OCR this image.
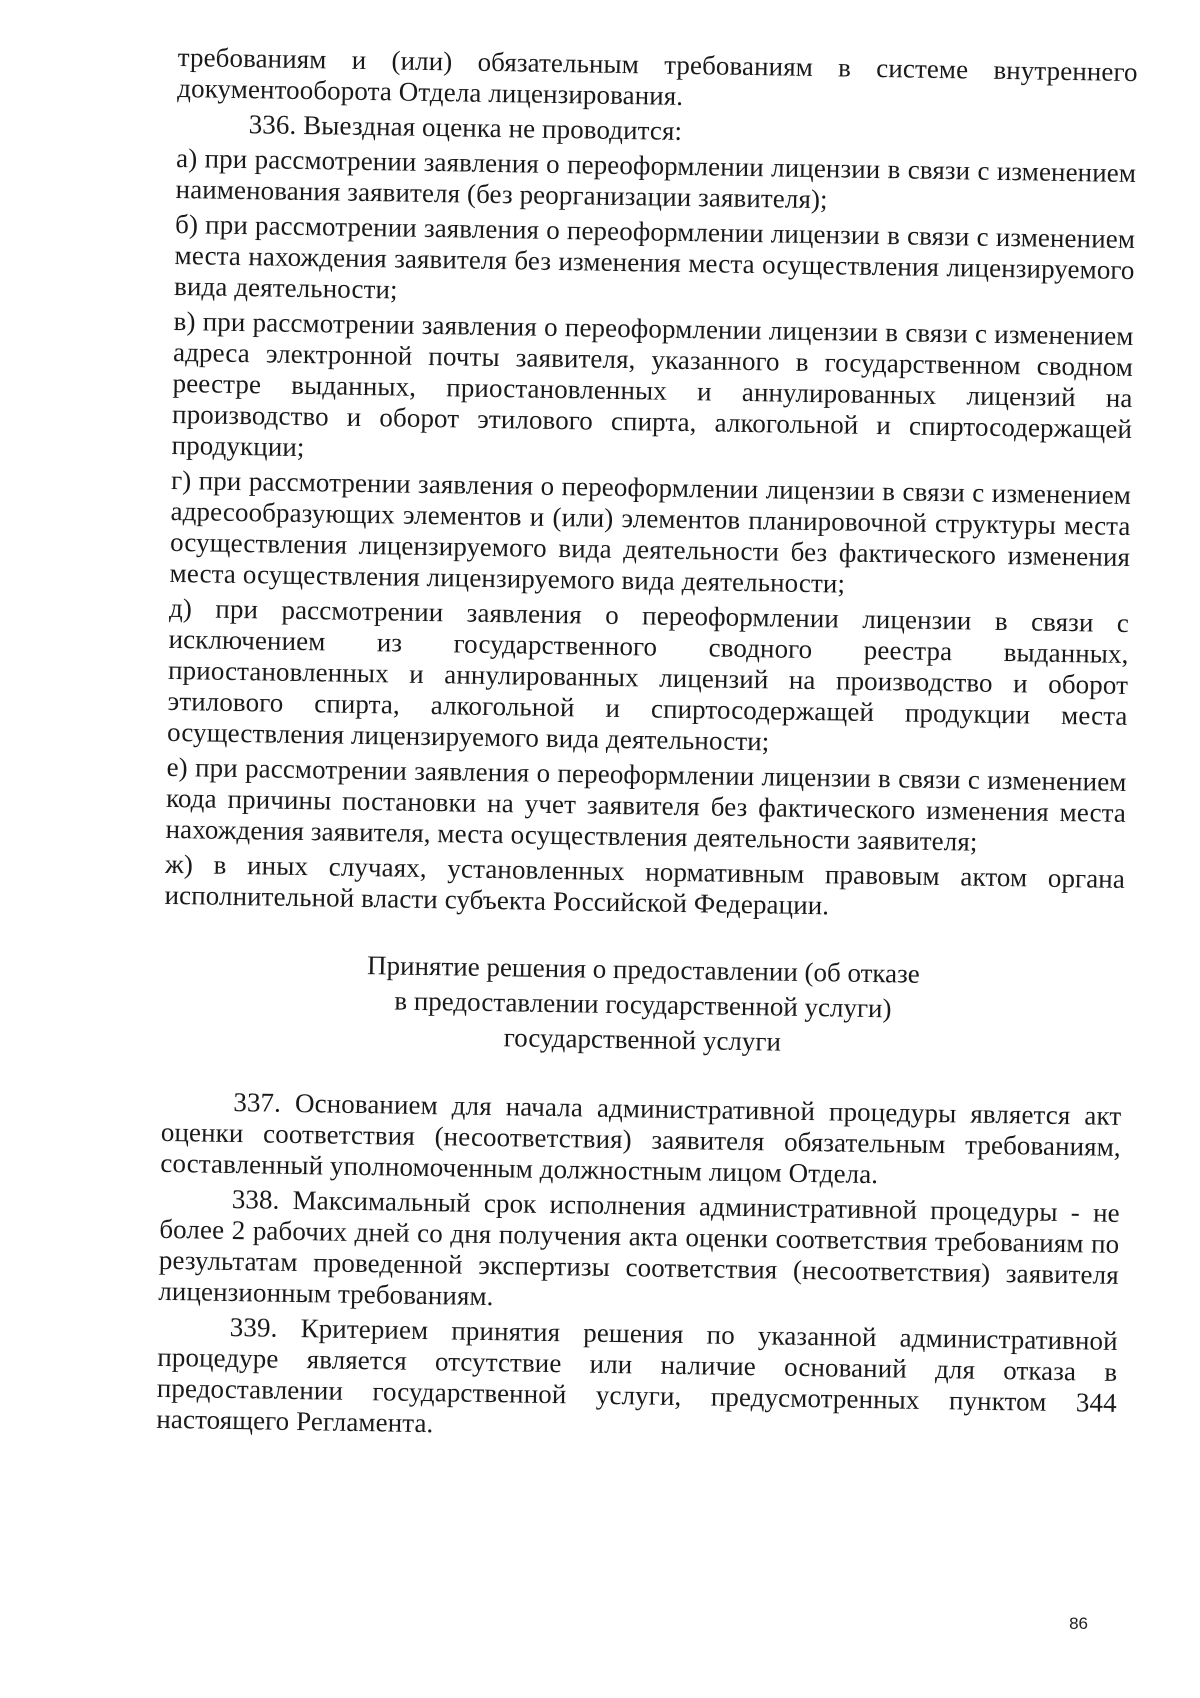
требованиям и (или) обязательным требованиям в системе внутреннего документооборота Отдела лицензирования.

336. Выездная оценка не проводится:

а) при рассмотрении заявления о переоформлении лицензии в связи с изменением наименования заявителя (без реорганизации заявителя);

б) при рассмотрении заявления о переоформлении лицензии в связи с изменением места нахождения заявителя без изменения места осуществления лицензируемого вида деятельности;

в) при рассмотрении заявления о переоформлении лицензии в связи с изменением адреса электронной почты заявителя, указанного в государственном сводном реестре выданных, приостановленных и аннулированных лицензий на производство и оборот этилового спирта, алкогольной и спиртосодержащей продукции;

г) при рассмотрении заявления о переоформлении лицензии в связи с изменением адресообразующих элементов и (или) элементов планировочной структуры места осуществления лицензируемого вида деятельности без фактического изменения места осуществления лицензируемого вида деятельности;

д) при рассмотрении заявления о переоформлении лицензии в связи с исключением из государственного сводного реестра выданных, приостановленных и аннулированных лицензий на производство и оборот этилового спирта, алкогольной и спиртосодержащей продукции места осуществления лицензируемого вида деятельности;

е) при рассмотрении заявления о переоформлении лицензии в связи с изменением кода причины постановки на учет заявителя без фактического изменения места нахождения заявителя, места осуществления деятельности заявителя;

ж) в иных случаях, установленных нормативным правовым актом органа исполнительной власти субъекта Российской Федерации.

Принятие решения о предоставлении (об отказе
в предоставлении государственной услуги)
государственной услуги

337. Основанием для начала административной процедуры является акт оценки соответствия (несоответствия) заявителя обязательным требованиям, составленный уполномоченным должностным лицом Отдела.

338. Максимальный срок исполнения административной процедуры - не более 2 рабочих дней со дня получения акта оценки соответствия требованиям по результатам проведенной экспертизы соответствия (несоответствия) заявителя лицензионным требованиям.

339. Критерием принятия решения по указанной административной процедуре является отсутствие или наличие оснований для отказа в предоставлении государственной услуги, предусмотренных пунктом 344 настоящего Регламента.

86
